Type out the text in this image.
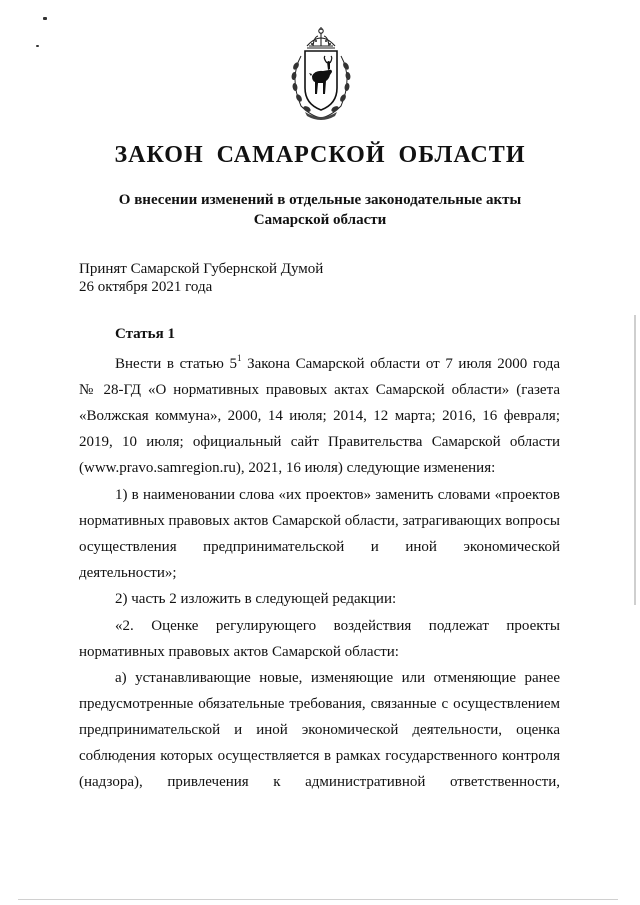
ЗАКОН САМАРСКОЙ ОБЛАСТИ
О внесении изменений в отдельные законодательные акты
Самарской области
Принят Самарской Губернской Думой
26 октября 2021 года
Статья 1
Внести в статью $5^1$ Закона Самарской области от 7 июля 2000 года
№ 28-ГД «О нормативных правовых актах Самарской области» (газета
«Волжская коммуна», 2000, 14 июля; 2014, 12 марта; 2016, 16 февраля;
2019, 10 июля; официальный сайт Правительства Самарской области
(www.pravo.samregion.ru), 2021, 16 июля) следующие изменения:
1) в наименовании слова «их проектов» заменить словами «проектов
нормативных правовых актов Самарской области, затрагивающих вопросы
осуществления предпринимательской и иной экономической
деятельности»;
2) часть 2 изложить в следующей редакции:
«2. Оценке регулирующего воздействия подлежат проекты
нормативных правовых актов Самарской области:
а) устанавливающие новые, изменяющие или отменяющие ранее
предусмотренные обязательные требования, связанные с осуществлением
предпринимательской и иной экономической деятельности, оценка
соблюдения которых осуществляется в рамках государственного контроля
(надзора), привлечения к административной ответственности,
